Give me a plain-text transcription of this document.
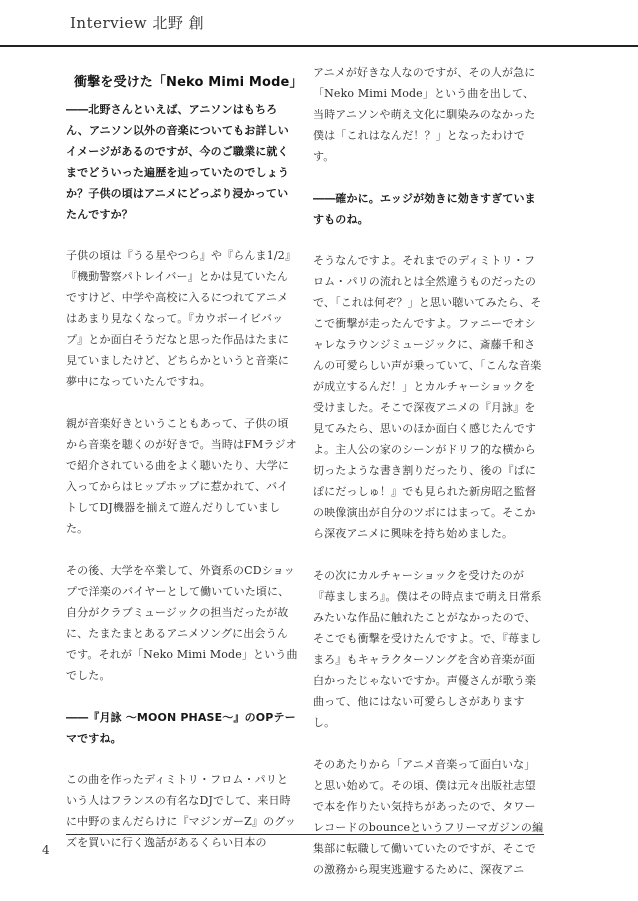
Interview 北野 創
衝撃を受けた「Neko Mimi Mode」

――北野さんといえば、アニソンはもちろん、アニソン以外の音楽についてもお詳しいイメージがあるのですが、今のご職業に就くまでどういった遍歴を辿っていたのでしょうか？子供の頃はアニメにどっぷり浸かっていたんですか？

子供の頃は『うる星やつら』や『らんま1/2』『機動警察パトレイバー』とかは見ていたんですけど、中学や高校に入るにつれてアニメはあまり見なくなって。『カウボーイビバップ』とか面白そうだなと思った作品はたまに見ていましたけど、どちらかというと音楽に夢中になっていたんですね。

親が音楽好きということもあって、子供の頃から音楽を聴くのが好きで。当時はFMラジオで紹介されている曲をよく聴いたり、大学に入ってからはヒップホップに惹かれて、バイトしてDJ機器を揃えて遊んだりしていました。

その後、大学を卒業して、外資系のCDショップで洋楽のバイヤーとして働いていた頃に、自分がクラブミュージックの担当だったが故に、たまたまとあるアニメソングに出会うんです。それが「Neko Mimi Mode」という曲でした。

――『月詠 ～MOON PHASE～』のOPテーマですね。

この曲を作ったディミトリ・フロム・パリという人はフランスの有名なDJでして、来日時に中野のまんだらけに『マジンガーZ』のグッズを買いに行く逸話があるくらい日本の

アニメが好きな人なのですが、その人が急に「Neko Mimi Mode」という曲を出して、当時アニソンや萌え文化に馴染みのなかった僕は「これはなんだ！？」となったわけです。

――確かに。エッジが効きに効きすぎていますものね。

そうなんですよ。それまでのディミトリ・フロム・パリの流れとは全然違うものだったので、「これは何ぞ？」と思い聴いてみたら、そこで衝撃が走ったんですよ。ファニーでオシャレなラウンジミュージックに、斎藤千和さんの可愛らしい声が乗っていて、「こんな音楽が成立するんだ！」とカルチャーショックを受けました。そこで深夜アニメの『月詠』を見てみたら、思いのほか面白く感じたんですよ。主人公の家のシーンがドリフ的な横から切ったような書き割りだったり、後の『ぱにぽにだっしゅ！』でも見られた新房昭之監督の映像演出が自分のツボにはまって。そこから深夜アニメに興味を持ち始めました。

その次にカルチャーショックを受けたのが『苺ましまろ』。僕はその時点まで萌え日常系みたいな作品に触れたことがなかったので、そこでも衝撃を受けたんですよ。で、『苺ましまろ』もキャラクターソングを含め音楽が面白かったじゃないですか。声優さんが歌う楽曲って、他にはない可愛らしさがありますし。

そのあたりから「アニメ音楽って面白いな」と思い始めて。その頃、僕は元々出版社志望で本を作りたい気持ちがあったので、タワーレコードのbounceというフリーマガジンの編集部に転職して働いていたのですが、そこでの激務から現実逃避するために、深夜アニ

4
